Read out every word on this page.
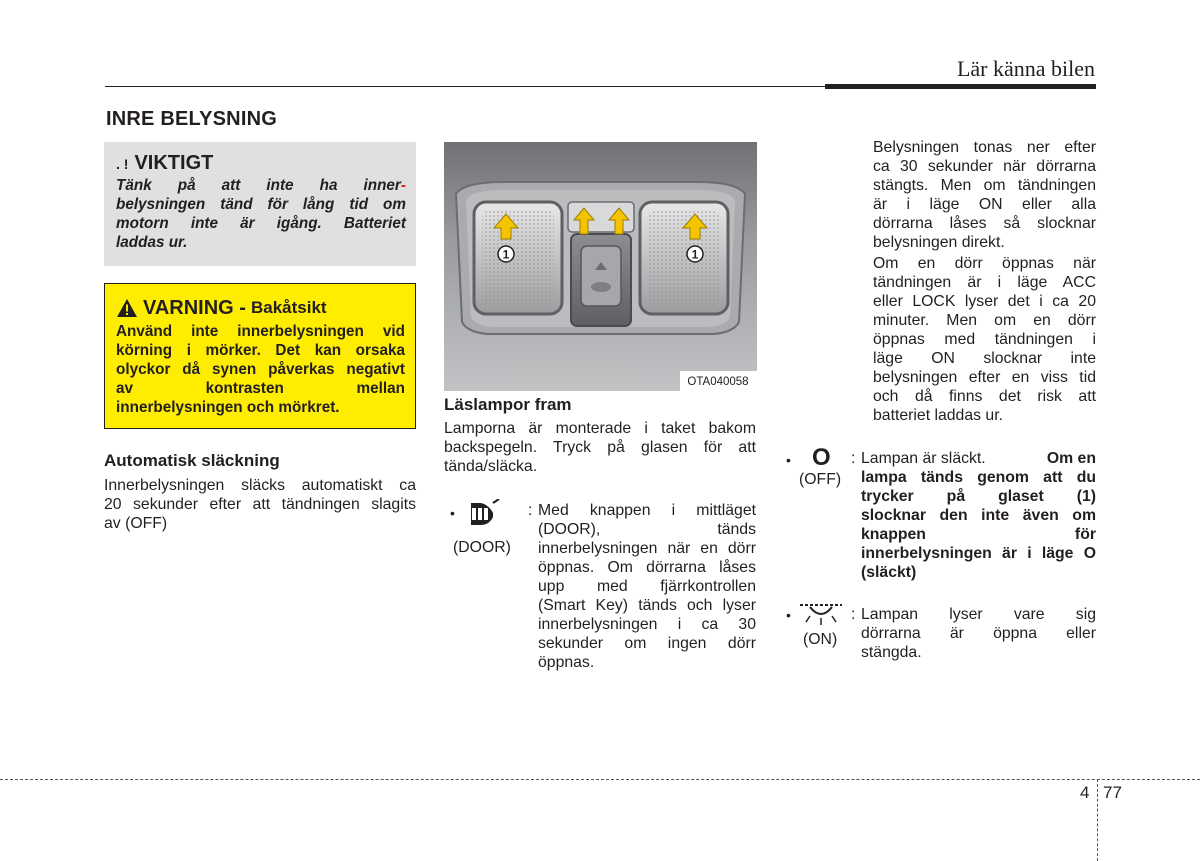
Lär känna bilen
INRE BELYSNING
. ! VIKTIGT
Tänk på att inte ha inner-
belysningen tänd för lång tid om
motorn inte är igång. Batteriet
laddas ur.
VARNING - Bakåtsikt
Använd inte innerbelysningen vid
körning i mörker. Det kan orsaka
olyckor då synen påverkas negativt
av kontrasten mellan
innerbelysningen och mörkret.
Automatisk släckning
Innerbelysningen släcks automatiskt ca
20 sekunder efter att tändningen slagits
av (OFF)
1	1
OTA040058
Läslampor fram
Lamporna är monterade i taket bakom
backspegeln. Tryck på glasen för att
tända/släcka.
•
(DOOR)
: Med knappen i mittläget
(DOOR), tänds
innerbelysningen när en dörr
öppnas. Om dörrarna låses
upp med fjärrkontrollen
(Smart Key) tänds och lyser
innerbelysningen i ca 30
sekunder om ingen dörr
öppnas.
Belysningen tonas ner efter
ca 30 sekunder när dörrarna
stängts. Men om tändningen
är i läge ON eller alla
dörrarna låses så slocknar
belysningen direkt.
Om en dörr öppnas när
tändningen är i läge ACC
eller LOCK lyser det i ca 20
minuter. Men om en dörr
öppnas med tändningen i
läge ON slocknar inte
belysningen efter en viss tid
och då finns det risk att
batteriet laddas ur.
• O
(OFF)
: Lampan är släckt.	Om en
lampa tänds genom att du
trycker på glaset (1)
slocknar den inte även om
knappen för
innerbelysningen är i läge O
(släckt)
•
(ON)
: Lampan lyser vare sig
dörrarna är öppna eller
stängda.
4 77
